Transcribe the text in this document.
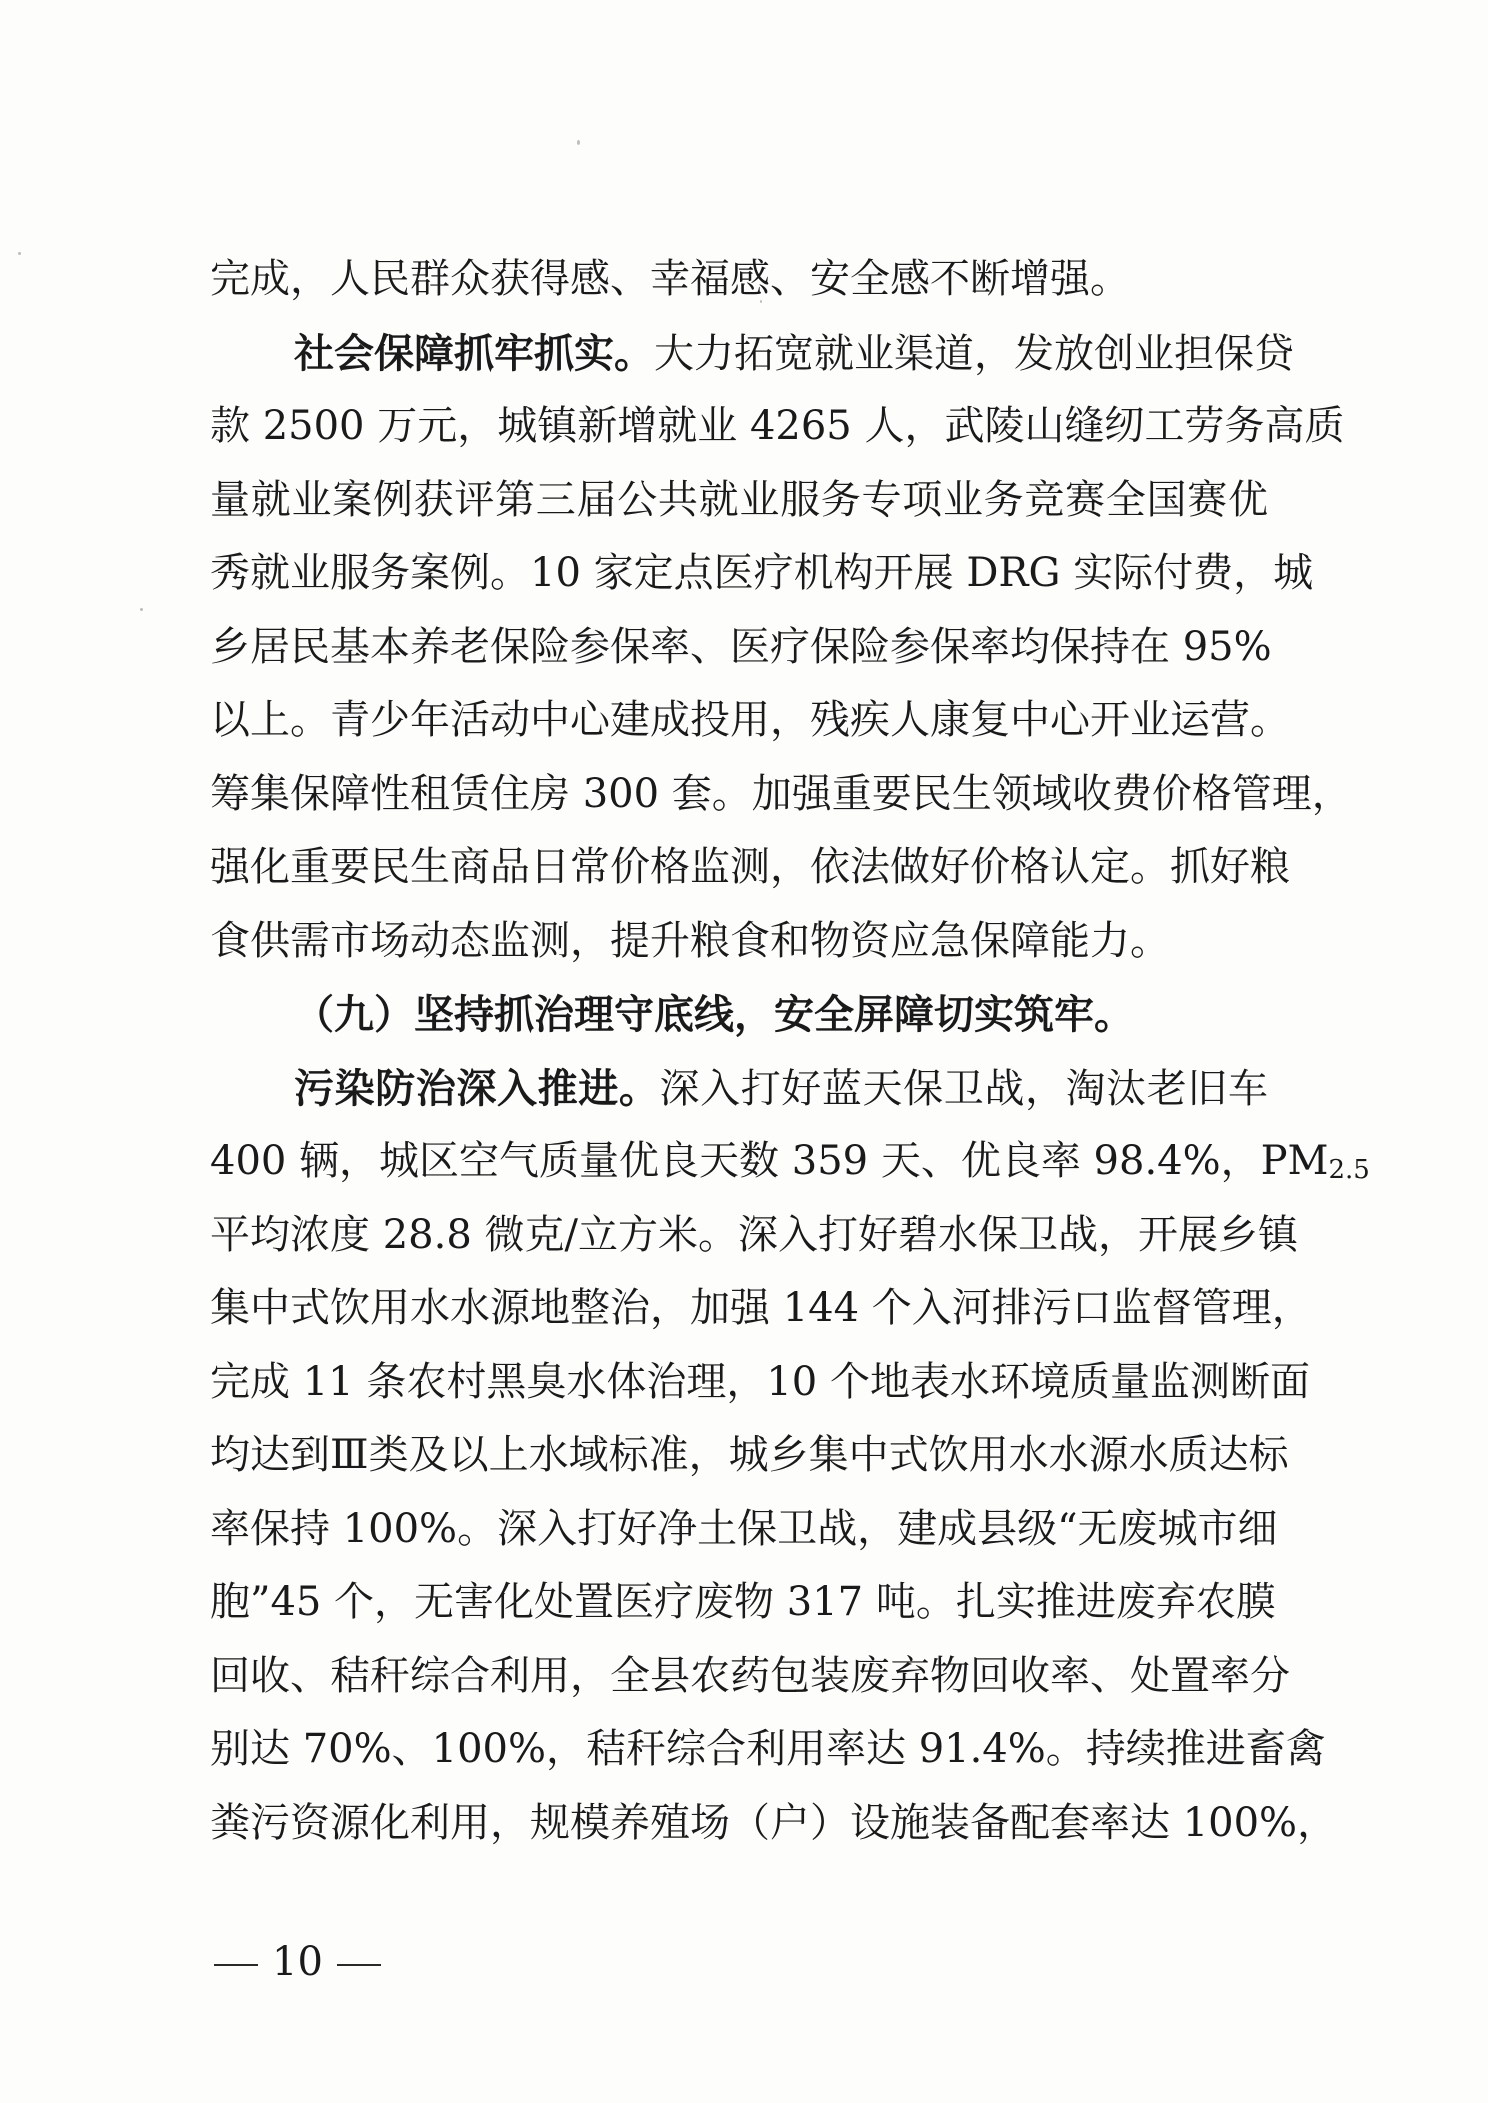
完成，人民群众获得感、幸福感、安全感不断增强。
社会保障抓牢抓实。大力拓宽就业渠道，发放创业担保贷
款 2500 万元，城镇新增就业 4265 人，武陵山缝纫工劳务高质
量就业案例获评第三届公共就业服务专项业务竞赛全国赛优
秀就业服务案例。10 家定点医疗机构开展 DRG 实际付费，城
乡居民基本养老保险参保率、医疗保险参保率均保持在 95%
以上。青少年活动中心建成投用，残疾人康复中心开业运营。
筹集保障性租赁住房 300 套。加强重要民生领域收费价格管理，
强化重要民生商品日常价格监测，依法做好价格认定。抓好粮
食供需市场动态监测，提升粮食和物资应急保障能力。
（九）坚持抓治理守底线，安全屏障切实筑牢。
污染防治深入推进。深入打好蓝天保卫战，淘汰老旧车
400 辆，城区空气质量优良天数 359 天、优良率 98.4%，$PM_{2.5}$
平均浓度 28.8 微克/立方米。深入打好碧水保卫战，开展乡镇
集中式饮用水水源地整治，加强 144 个入河排污口监督管理，
完成 11 条农村黑臭水体治理，10 个地表水环境质量监测断面
均达到Ⅲ类及以上水域标准，城乡集中式饮用水水源水质达标
率保持 100%。深入打好净土保卫战，建成县级“无废城市细
胞”45 个，无害化处置医疗废物 317 吨。扎实推进废弃农膜
回收、秸秆综合利用，全县农药包装废弃物回收率、处置率分
别达 70%、100%，秸秆综合利用率达 91.4%。持续推进畜禽
粪污资源化利用，规模养殖场（户）设施装备配套率达 100%，
10
